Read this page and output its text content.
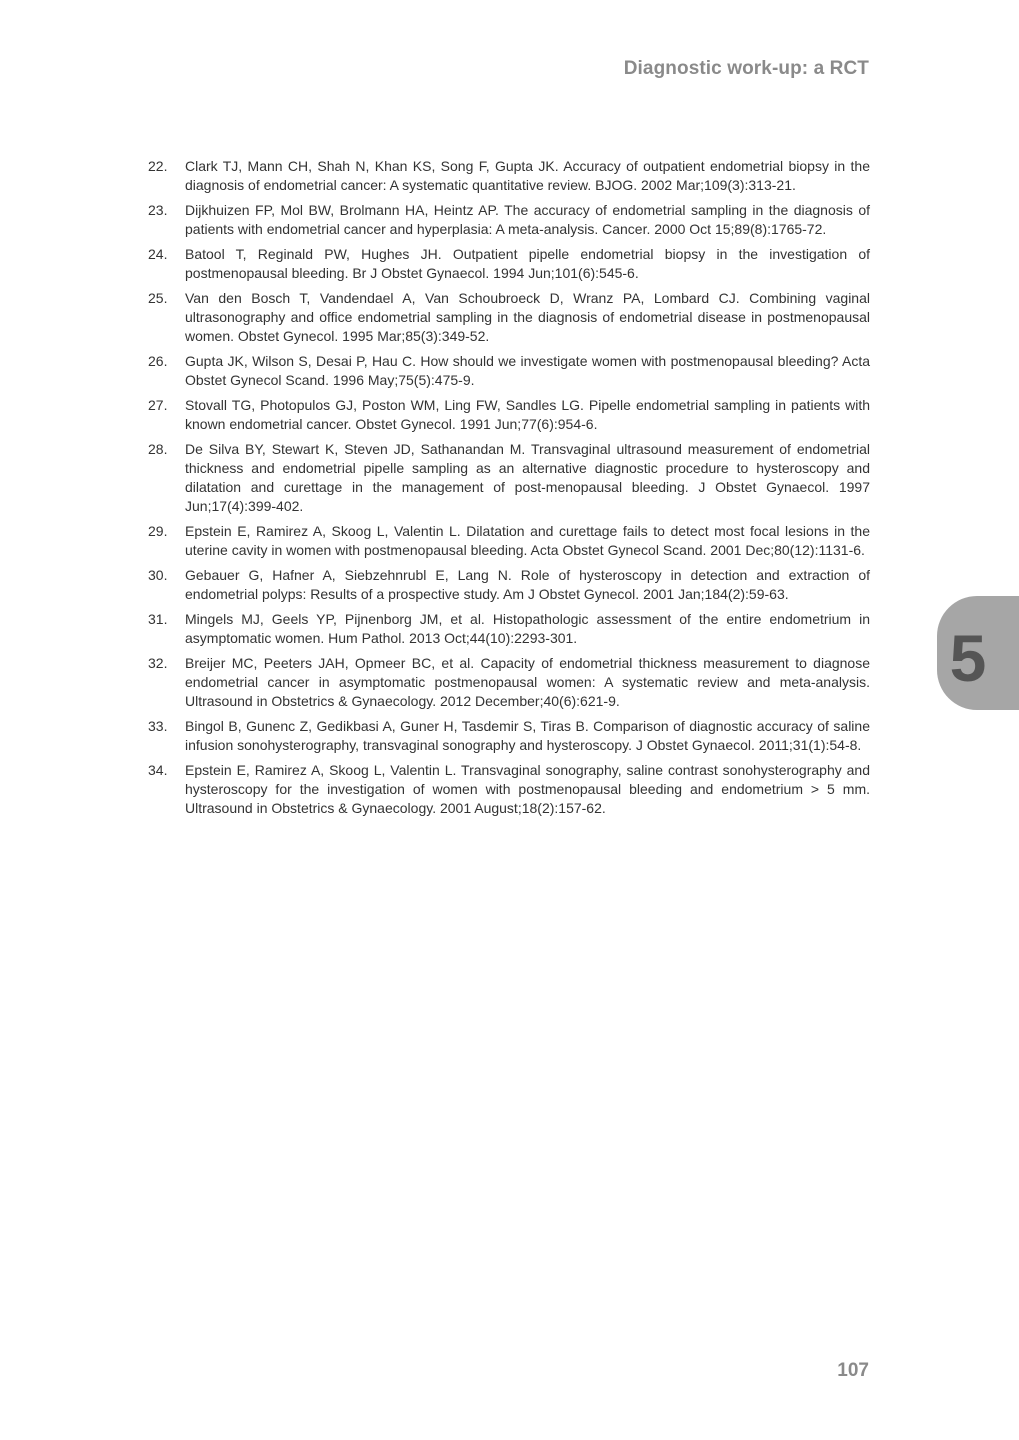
Diagnostic work-up: a RCT
22.	Clark TJ, Mann CH, Shah N, Khan KS, Song F, Gupta JK. Accuracy of outpatient endometrial biopsy in the diagnosis of endometrial cancer: A systematic quantitative review. BJOG. 2002 Mar;109(3):313-21.
23.	Dijkhuizen FP, Mol BW, Brolmann HA, Heintz AP. The accuracy of endometrial sampling in the diagnosis of patients with endometrial cancer and hyperplasia: A meta-analysis. Cancer. 2000 Oct 15;89(8):1765-72.
24.	Batool T, Reginald PW, Hughes JH. Outpatient pipelle endometrial biopsy in the investigation of postmenopausal bleeding. Br J Obstet Gynaecol. 1994 Jun;101(6):545-6.
25.	Van den Bosch T, Vandendael A, Van Schoubroeck D, Wranz PA, Lombard CJ. Combining vaginal ultrasonography and office endometrial sampling in the diagnosis of endometrial disease in postmenopausal women. Obstet Gynecol. 1995 Mar;85(3):349-52.
26.	Gupta JK, Wilson S, Desai P, Hau C. How should we investigate women with postmenopausal bleeding? Acta Obstet Gynecol Scand. 1996 May;75(5):475-9.
27.	Stovall TG, Photopulos GJ, Poston WM, Ling FW, Sandles LG. Pipelle endometrial sampling in patients with known endometrial cancer. Obstet Gynecol. 1991 Jun;77(6):954-6.
28.	De Silva BY, Stewart K, Steven JD, Sathanandan M. Transvaginal ultrasound measurement of endometrial thickness and endometrial pipelle sampling as an alternative diagnostic procedure to hysteroscopy and dilatation and curettage in the management of post-menopausal bleeding. J Obstet Gynaecol. 1997 Jun;17(4):399-402.
29.	Epstein E, Ramirez A, Skoog L, Valentin L. Dilatation and curettage fails to detect most focal lesions in the uterine cavity in women with postmenopausal bleeding. Acta Obstet Gynecol Scand. 2001 Dec;80(12):1131-6.
30.	Gebauer G, Hafner A, Siebzehnrubl E, Lang N. Role of hysteroscopy in detection and extraction of endometrial polyps: Results of a prospective study. Am J Obstet Gynecol. 2001 Jan;184(2):59-63.
31.	Mingels MJ, Geels YP, Pijnenborg JM, et al. Histopathologic assessment of the entire endometrium in asymptomatic women. Hum Pathol. 2013 Oct;44(10):2293-301.
32.	Breijer MC, Peeters JAH, Opmeer BC, et al. Capacity of endometrial thickness measurement to diagnose endometrial cancer in asymptomatic postmenopausal women: A systematic review and meta-analysis. Ultrasound in Obstetrics & Gynaecology. 2012 December;40(6):621-9.
33.	Bingol B, Gunenc Z, Gedikbasi A, Guner H, Tasdemir S, Tiras B. Comparison of diagnostic accuracy of saline infusion sonohysterography, transvaginal sonography and hysteroscopy. J Obstet Gynaecol. 2011;31(1):54-8.
34.	Epstein E, Ramirez A, Skoog L, Valentin L. Transvaginal sonography, saline contrast sonohysterography and hysteroscopy for the investigation of women with postmenopausal bleeding and endometrium > 5 mm. Ultrasound in Obstetrics & Gynaecology. 2001 August;18(2):157-62.
5
107
